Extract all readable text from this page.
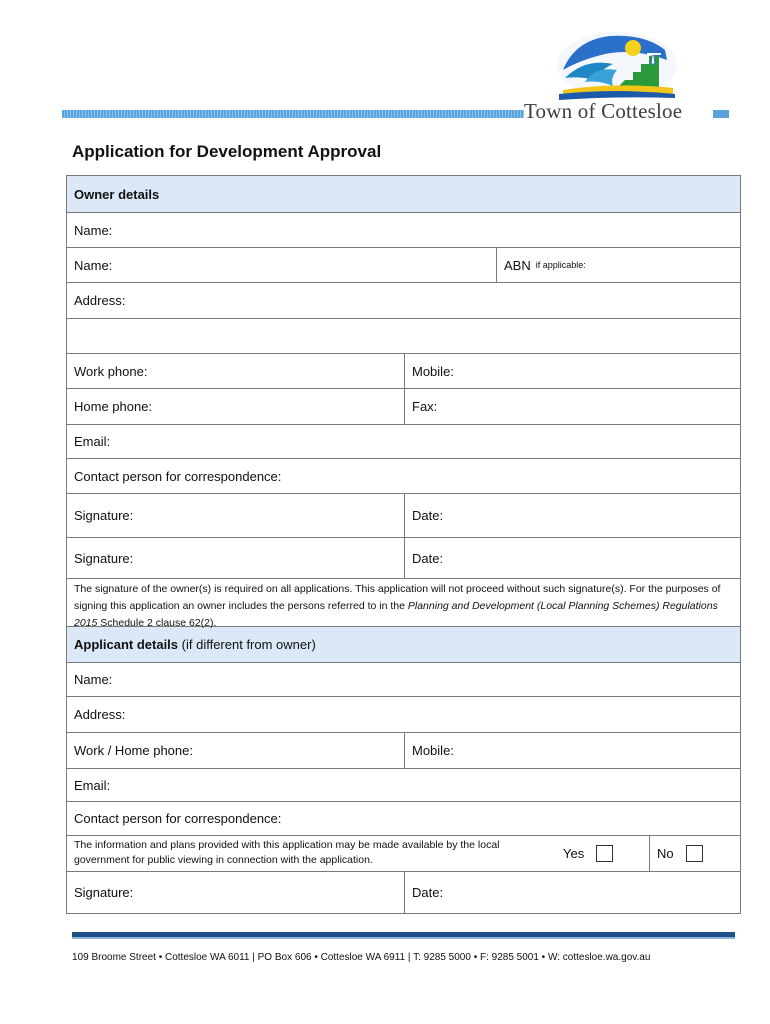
Town of Cottesloe
Application for Development Approval
Owner details
Name:
Name:	ABN if applicable:
Address:
Work phone:	Mobile:
Home phone:	Fax:
Email:
Contact person for correspondence:
Signature:	Date:
Signature:	Date:
The signature of the owner(s) is required on all applications. This application will not proceed without such signature(s). For the purposes of signing this application an owner includes the persons referred to in the Planning and Development (Local Planning Schemes) Regulations 2015 Schedule 2 clause 62(2).
Applicant details
(if different from owner)
Name:
Address:
Work / Home phone:	Mobile:
Email:
Contact person for correspondence:
The information and plans provided with this application may be made available by the local government for public viewing in connection with the application.	Yes	No
Signature:	Date:
109 Broome Street • Cottesloe WA 6011 | PO Box 606 • Cottesloe WA 6911 | T: 9285 5000 • F: 9285 5001 • W: cottesloe.wa.gov.au
